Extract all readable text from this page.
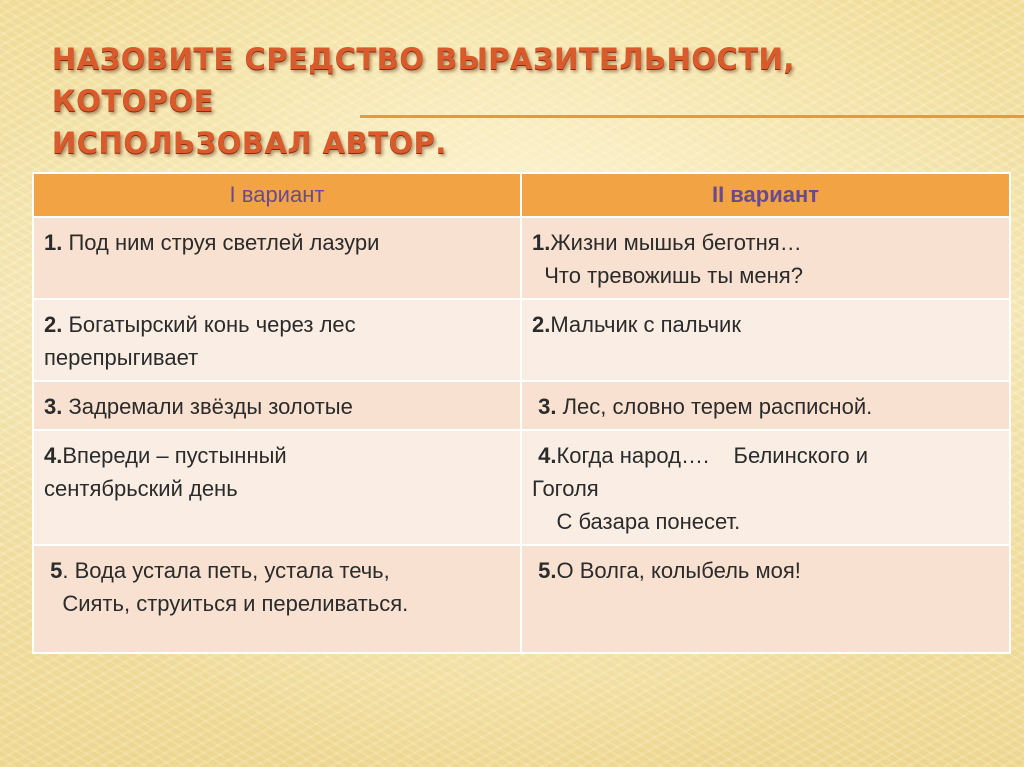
НАЗОВИТЕ СРЕДСТВО ВЫРАЗИТЕЛЬНОСТИ, КОТОРОЕ
ИСПОЛЬЗОВАЛ АВТОР.
I вариант	II вариант

1. Под ним струя светлей лазури	1.Жизни мышья беготня…
Что тревожишь ты меня?

2. Богатырский конь через лес
перепрыгивает	2.Мальчик с пальчик

3. Задремали звёзды золотые	3. Лес, словно терем расписной.

4.Впереди – пустынный
сентябрьский день	4.Когда народ….    Белинского и
Гоголя
С базара понесет.

5. Вода устала петь, устала течь,
Сиять, струиться и переливаться.	5.О Волга, колыбель моя!
